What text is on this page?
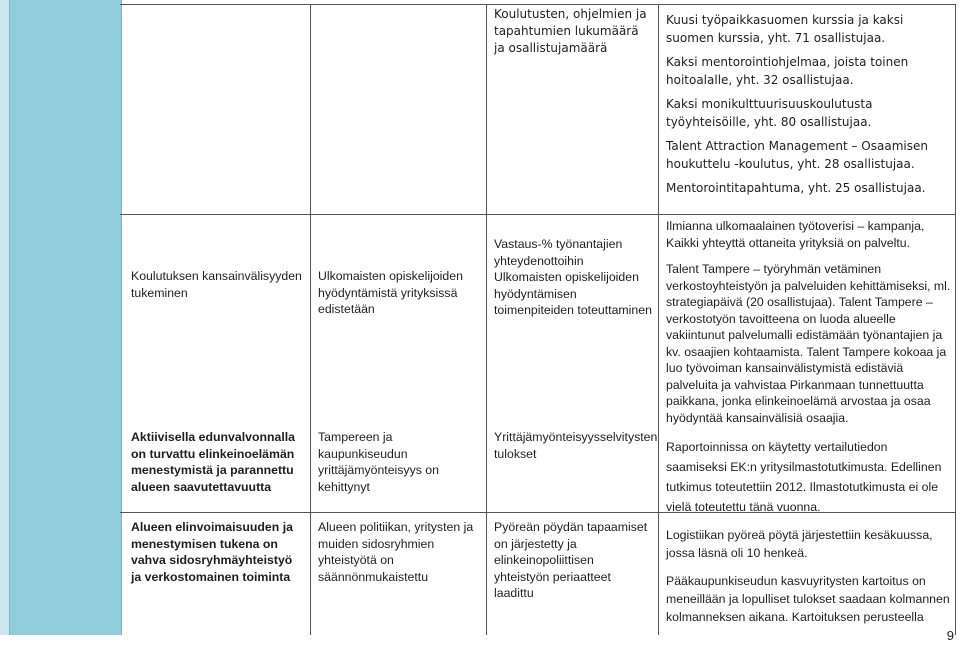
Koulutusten, ohjelmien ja tapahtumien lukumäärä ja osallistujamäärä

Kuusi työpaikkasuomen kurssia ja kaksi suomen kurssia, yht. 71 osallistujaa.

Kaksi mentorointiohjelmaa, joista toinen hoitoalalle, yht. 32 osallistujaa.

Kaksi monikulttuurisuuskoulutusta työyhteisöille, yht. 80 osallistujaa.

Talent Attraction Management – Osaamisen houkuttelu -koulutus, yht. 28 osallistujaa.

Mentorointitapahtuma, yht. 25 osallistujaa.

Koulutuksen kansainvälisyyden tukeminen
Ulkomaisten opiskelijoiden hyödyntämistä yrityksissä edistetään

Vastaus-% työnantajien yhteydenottoihin

Ulkomaisten opiskelijoiden hyödyntämisen toimenpiteiden toteuttaminen

Ilmianna ulkomaalainen työtoverisi – kampanja, Kaikki yhteyttä ottaneita yrityksiä on palveltu.

Talent Tampere – työryhmän vetäminen verkostoyhteistyön ja palveluiden kehittämiseksi, ml. strategiapäivä (20 osallistujaa). Talent Tampere – verkostotyön tavoitteena on luoda alueelle vakiintunut palvelumalli edistämään työnantajien ja kv. osaajien kohtaamista. Talent Tampere kokoaa ja luo työvoiman kansainvälistymistä edistäviä palveluita ja vahvistaa Pirkanmaan tunnettuutta paikkana, jonka elinkeinoelämä arvostaa ja osaa hyödyntää kansainvälisiä osaajia.

Aktiivisella edunvalvonnalla on turvattu elinkeinoelämän menestymistä ja parannettu alueen saavutettavuutta
Tampereen ja kaupunkiseudun yrittäjämyönteisyys on kehittynyt
Yrittäjämyönteisyysselvitysten tulokset	Raportoinnissa on käytetty vertailutiedon saamiseksi EK:n yritysilmastotutkimusta. Edellinen tutkimus toteutettiin 2012. Ilmastotutkimusta ei ole vielä toteutettu tänä vuonna.
Alueen elinvoimaisuuden ja menestymisen tukena on vahva sidosryhmäyhteistyö ja verkostomainen toiminta
Alueen politiikan, yritysten ja muiden sidosryhmien yhteistyötä on säännönmukaistettu
Pyöreän pöydän tapaamiset on järjestetty ja elinkeinopoliittisen yhteistyön periaatteet laadittu

Logistiikan pyöreä pöytä järjestettiin kesäkuussa, jossa läsnä oli 10 henkeä.

Pääkaupunkiseudun kasvuyritysten kartoitus on meneillään ja lopulliset tulokset saadaan kolmannen kolmanneksen aikana. Kartoituksen perusteella

9
